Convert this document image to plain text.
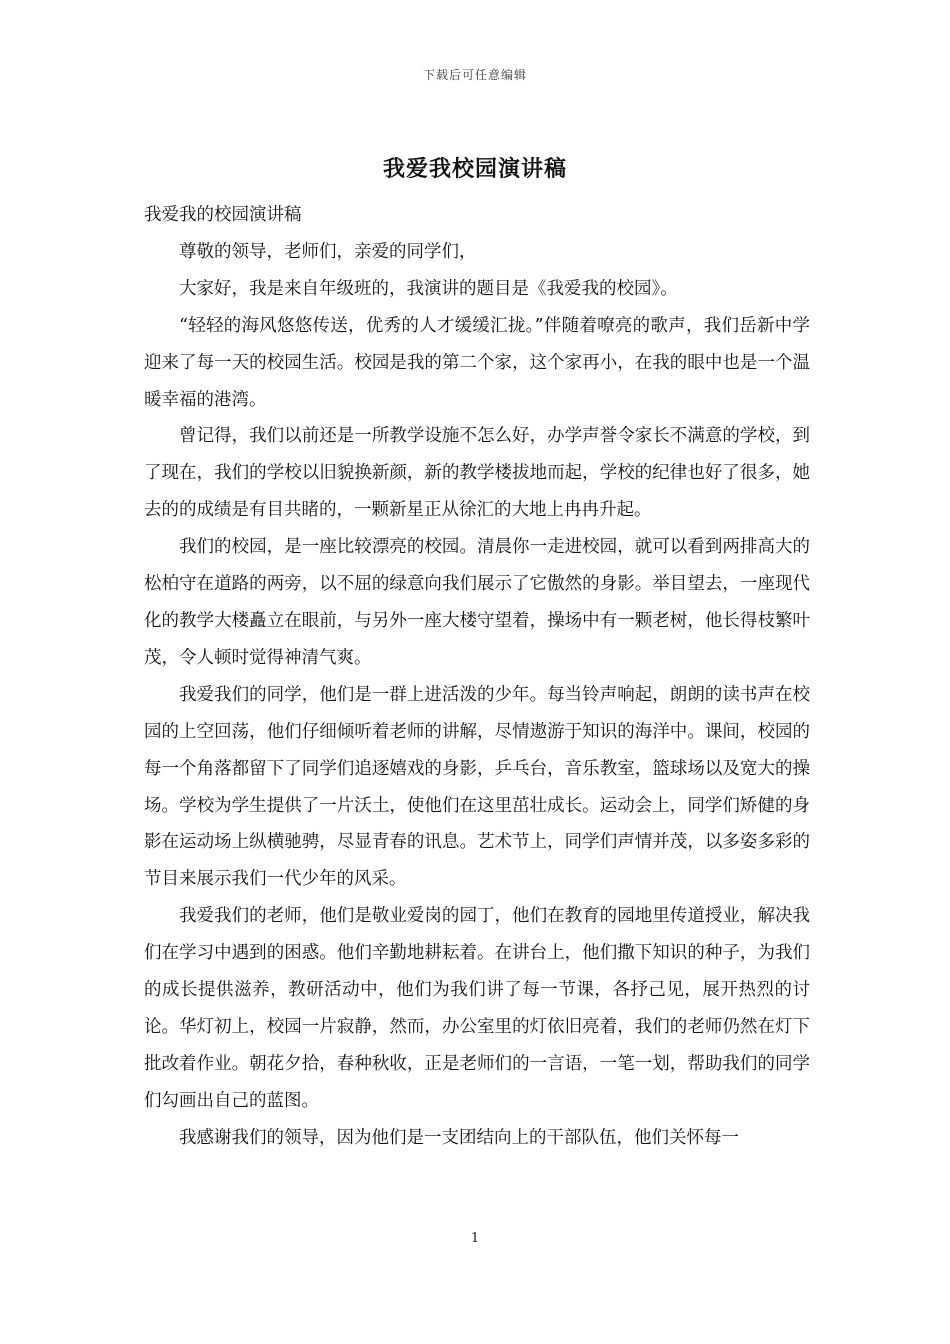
下载后可任意编辑
我爱我校园演讲稿

我爱我的校园演讲稿

尊敬的领导，老师们，亲爱的同学们，

大家好，我是来自年级班的，我演讲的题目是《我爱我的校园》。

“轻轻的海风悠悠传送，优秀的人才缓缓汇拢。”伴随着嘹亮的歌声，我们岳新中学迎来了每一天的校园生活。校园是我的第二个家，这个家再小，在我的眼中也是一个温暖幸福的港湾。

曾记得，我们以前还是一所教学设施不怎么好，办学声誉令家长不满意的学校，到了现在，我们的学校以旧貌换新颜，新的教学楼拔地而起，学校的纪律也好了很多，她去的的成绩是有目共睹的，一颗新星正从徐汇的大地上冉冉升起。

我们的校园，是一座比较漂亮的校园。清晨你一走进校园，就可以看到两排高大的松柏守在道路的两旁，以不屈的绿意向我们展示了它傲然的身影。举目望去，一座现代化的教学大楼矗立在眼前，与另外一座大楼守望着，操场中有一颗老树，他长得枝繁叶茂，令人顿时觉得神清气爽。

我爱我们的同学，他们是一群上进活泼的少年。每当铃声响起，朗朗的读书声在校园的上空回荡，他们仔细倾听着老师的讲解，尽情遨游于知识的海洋中。课间，校园的每一个角落都留下了同学们追逐嬉戏的身影，乒乓台，音乐教室，篮球场以及宽大的操场。学校为学生提供了一片沃土，使他们在这里茁壮成长。运动会上，同学们矫健的身影在运动场上纵横驰骋，尽显青春的讯息。艺术节上，同学们声情并茂，以多姿多彩的节目来展示我们一代少年的风采。

我爱我们的老师，他们是敬业爱岗的园丁，他们在教育的园地里传道授业，解决我们在学习中遇到的困惑。他们辛勤地耕耘着。在讲台上，他们撒下知识的种子，为我们的成长提供滋养，教研活动中，他们为我们讲了每一节课，各抒己见，展开热烈的讨论。华灯初上，校园一片寂静，然而，办公室里的灯依旧亮着，我们的老师仍然在灯下批改着作业。朝花夕拾，春种秋收，正是老师们的一言语，一笔一划，帮助我们的同学们勾画出自己的蓝图。

我感谢我们的领导，因为他们是一支团结向上的干部队伍，他们关怀每一

1
